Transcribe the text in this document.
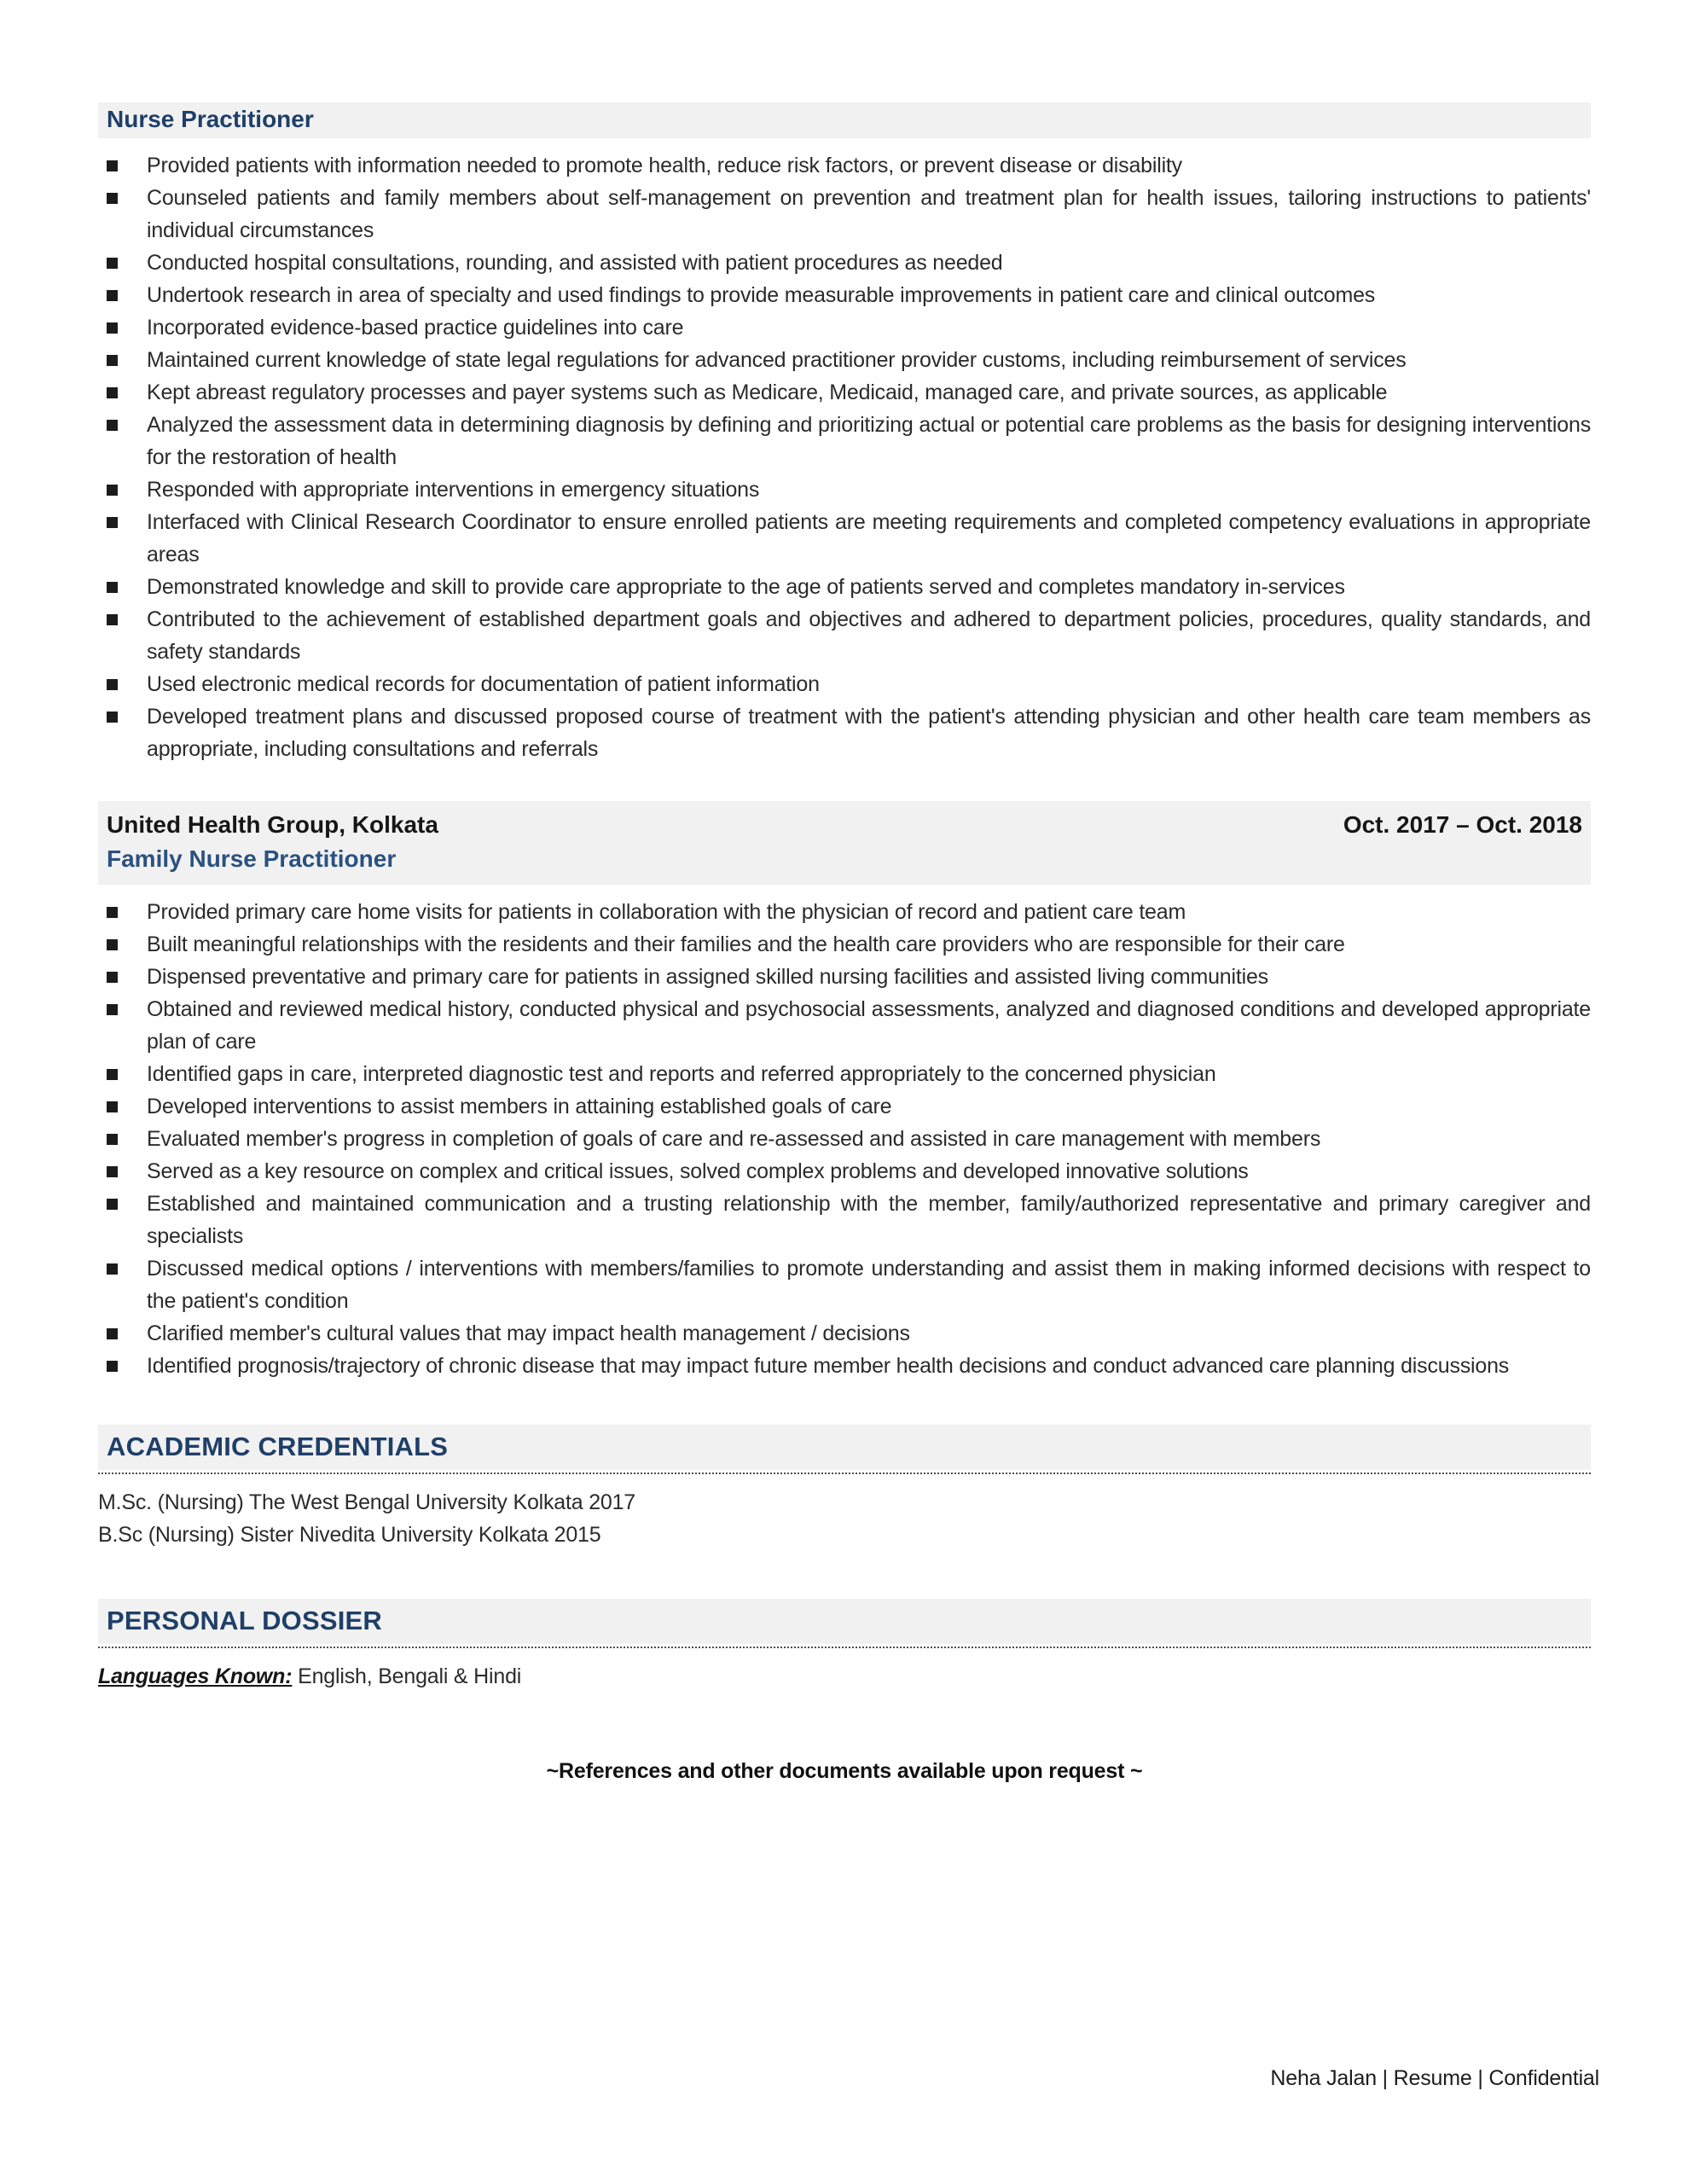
Nurse Practitioner
Provided patients with information needed to promote health, reduce risk factors, or prevent disease or disability
Counseled patients and family members about self-management on prevention and treatment plan for health issues, tailoring instructions to patients' individual circumstances
Conducted hospital consultations, rounding, and assisted with patient procedures as needed
Undertook research in area of specialty and used findings to provide measurable improvements in patient care and clinical outcomes
Incorporated evidence-based practice guidelines into care
Maintained current knowledge of state legal regulations for advanced practitioner provider customs, including reimbursement of services
Kept abreast regulatory processes and payer systems such as Medicare, Medicaid, managed care, and private sources, as applicable
Analyzed the assessment data in determining diagnosis by defining and prioritizing actual or potential care problems as the basis for designing interventions for the restoration of health
Responded with appropriate interventions in emergency situations
Interfaced with Clinical Research Coordinator to ensure enrolled patients are meeting requirements and completed competency evaluations in appropriate areas
Demonstrated knowledge and skill to provide care appropriate to the age of patients served and completes mandatory in-services
Contributed to the achievement of established department goals and objectives and adhered to department policies, procedures, quality standards, and safety standards
Used electronic medical records for documentation of patient information
Developed treatment plans and discussed proposed course of treatment with the patient's attending physician and other health care team members as appropriate, including consultations and referrals
United Health Group, Kolkata	Oct. 2017 – Oct. 2018
Family Nurse Practitioner
Provided primary care home visits for patients in collaboration with the physician of record and patient care team
Built meaningful relationships with the residents and their families and the health care providers who are responsible for their care
Dispensed preventative and primary care for patients in assigned skilled nursing facilities and assisted living communities
Obtained and reviewed medical history, conducted physical and psychosocial assessments, analyzed and diagnosed conditions and developed appropriate plan of care
Identified gaps in care, interpreted diagnostic test and reports and referred appropriately to the concerned physician
Developed interventions to assist members in attaining established goals of care
Evaluated member's progress in completion of goals of care and re-assessed and assisted in care management with members
Served as a key resource on complex and critical issues, solved complex problems and developed innovative solutions
Established and maintained communication and a trusting relationship with the member, family/authorized representative and primary caregiver and specialists
Discussed medical options / interventions with members/families to promote understanding and assist them in making informed decisions with respect to the patient's condition
Clarified member's cultural values that may impact health management / decisions
Identified prognosis/trajectory of chronic disease that may impact future member health decisions and conduct advanced care planning discussions
ACADEMIC CREDENTIALS
M.Sc. (Nursing) The West Bengal University Kolkata 2017
B.Sc (Nursing) Sister Nivedita University Kolkata 2015
PERSONAL DOSSIER
Languages Known: English, Bengali & Hindi
~References and other documents available upon request ~
Neha Jalan | Resume | Confidential
